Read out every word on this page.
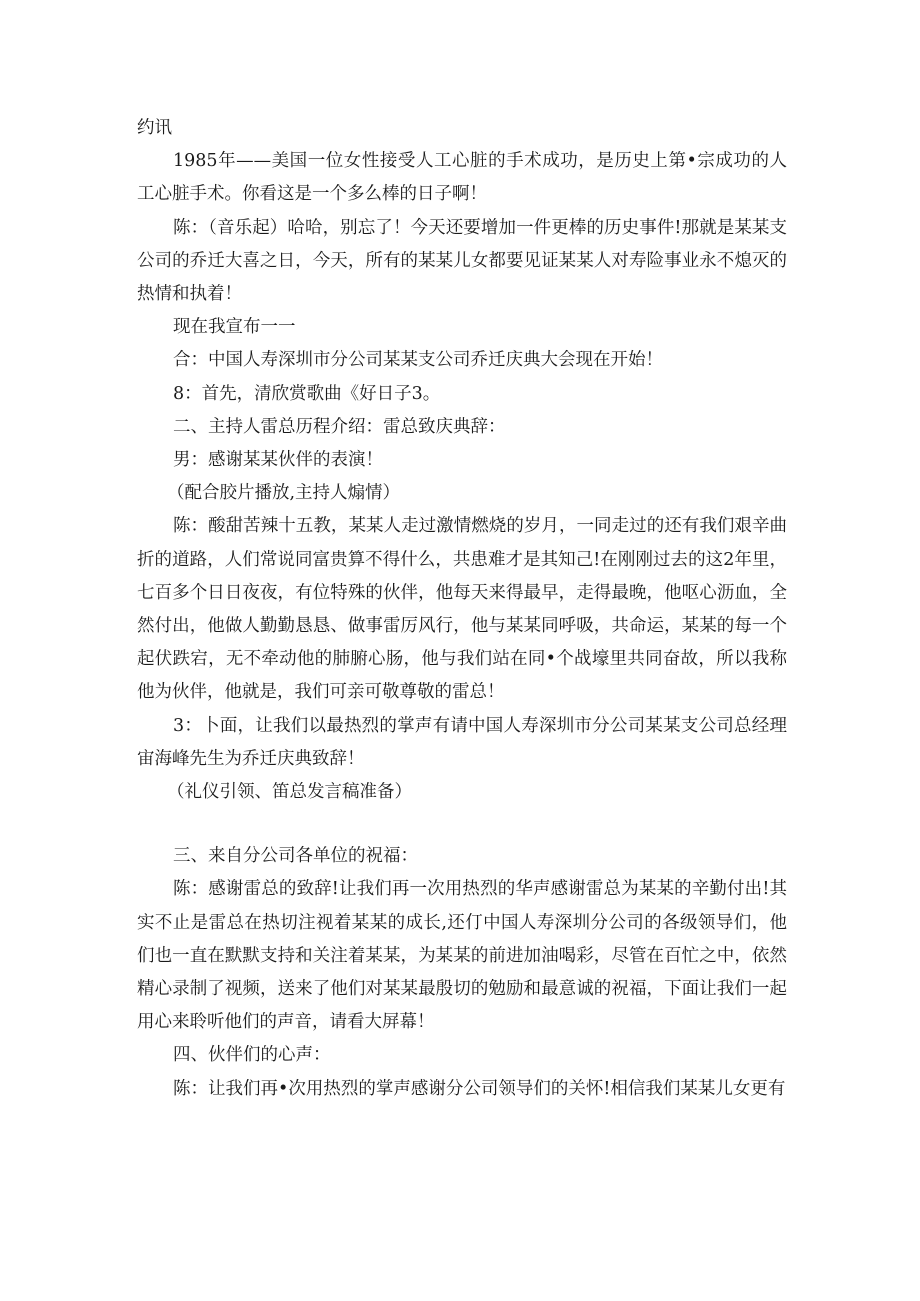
约讯

1985年——美国一位女性接受人工心脏的手术成功，是历史上第•宗成功的人工心脏手术。你看这是一个多么棒的日子啊！

陈：（音乐起）哈哈，别忘了！今天还要增加一件更棒的历史事件!那就是某某支公司的乔迁大喜之日，今天，所有的某某儿女都要见证某某人对寿险事业永不熄灭的热情和执着！

现在我宣布一一

合：中国人寿深圳市分公司某某支公司乔迁庆典大会现在开始！

8：首先，清欣赏歌曲《好日子3。

二、主持人雷总历程介绍：雷总致庆典辞：

男：感谢某某伙伴的表演！

（配合胶片播放,主持人煽情）

陈：酸甜苦辣十五教，某某人走过激情燃烧的岁月，一同走过的还有我们艰辛曲折的道路，人们常说同富贵算不得什么，共患难才是其知己!在刚刚过去的这2年里，七百多个日日夜夜，有位特殊的伙伴，他每天来得最早，走得最晚，他呕心沥血，全然付出，他做人勤勤恳恳、做事雷厉风行，他与某某同呼吸，共命运，某某的每一个起伏跌宕，无不牵动他的肺腑心肠，他与我们站在同•个战壕里共同奋故，所以我称他为伙伴，他就是，我们可亲可敬尊敬的雷总！

3：卜面，让我们以最热烈的掌声有请中国人寿深圳市分公司某某支公司总经理宙海峰先生为乔迁庆典致辞！

（礼仪引领、笛总发言稿准备）

三、来自分公司各单位的祝福：

陈：感谢雷总的致辞!让我们再一次用热烈的华声感谢雷总为某某的辛勤付出!其实不止是雷总在热切注视着某某的成长,还仃中国人寿深圳分公司的各级领导们，他们也一直在默默支持和关注着某某，为某某的前进加油喝彩，尽管在百忙之中，依然精心录制了视频，送来了他们对某某最殷切的勉励和最意诚的祝福，下面让我们一起用心来聆听他们的声音，请看大屏幕！

四、伙伴们的心声：

陈：让我们再•次用热烈的掌声感谢分公司领导们的关怀!相信我们某某儿女更有
